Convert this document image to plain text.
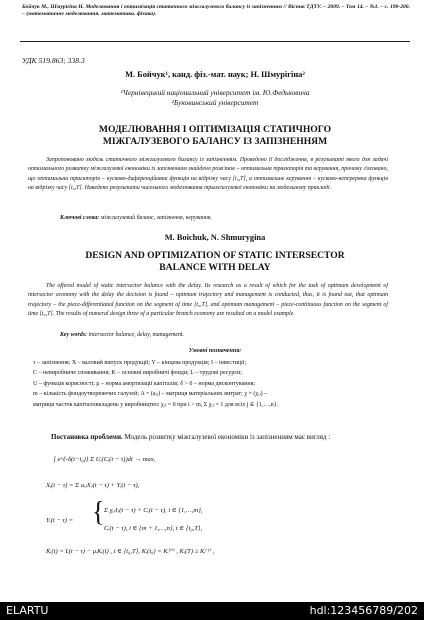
Бойчук М., Шмурiгiна Н. Моделювання i оптимiзацiя статичного мiжгалузевого балансу iз запiзненням // Вiсник ТДТУ. – 2009. – Том 14. – №1. – с. 190-200. – (математичне моделювання. математика. фiзика).
УДК 519.863; 338.3
М. Бойчук¹, канд. фiз.-мат. наук; Н. Шмурiгiна²
¹Чернiвецький нацiональний унiверситет iм. Ю.Федьковича
²Буковинський унiверситет
МОДЕЛЮВАННЯ І ОПТИМІЗАЦІЯ СТАТИЧНОГО
МІЖГАЛУЗЕВОГО БАЛАНСУ ІЗ ЗАПІЗНЕННЯМ
Запропоновано модель статичного мiжгалузевого балансу iз запiзненням. Проведено її дослiдження, в результатi якого для задачi оптимального розвитку мiжгалузевої економiки iз запiзненням знайдено розв'язок – оптимальна траєкторiя та керування, причому з'ясовано, що оптимальна траєкторiя – кусково-диференцiйовна функцiя на вiдрiзку часу [t₀,T], а оптимальне керування – кусково-неперервна функцiя на вiдрiзку часу [t₀,T]. Наведено результати чисельного моделювання трьохгалузевої економiки на модельному прикладi.
Ключовi слова: мiжгалузевий баланс, запiзнення, керування.
M. Boichuk, N. Shmurygina
DESIGN AND OPTIMIZATION OF STATIC INTERSECTOR
BALANCE WITH DELAY
The offered model of static intersector balance with the delay. Its research as a result of which for the task of optimum development of intersector economy with the delay the decision is found – optimum trajectory and management is conducted, thus, it is found out, that optimum trajectory – the piece-differentiated function on the segment of time [t₀,T], and optimum management – piece-continuous function on the segment of time [t₀,T]. The results of numeral design three of a particular branch economy are resulted on a model example.
Key words: intersector balance, delay, management.
Умовнi позначення:
τ – запiзнення; X – валовий випуск продукцiї; Y – кiнцева продукцiя; I – iнвестицiї;
C – невиробниче споживання; K – основнi виробничi фонди; L – трудовi ресурси;
U – функцiя корисностi; μ – норма амортизацiї капiталiв; δ > 0 – норма дисконтування;
m – кiлькiсть фондоутворюючих галузей; A = (aᵢⱼ) – матриця матерiальних витрат; χ = (χᵢⱼ) –
матриця часток капiталовкладень у виробництво: χᵢⱼ = 0 при i > m, Σ χᵢⱼ = 1 для всiх j ∈ {1,…,n}.
Постановка проблеми. Модель розвитку мiжгалузевої економiки iз запiзненням має вигляд :
∫ e^{-δ(t−t₀)} Σ Uᵢ(Cᵢ(t − τ))dt → max,
Xᵢ(t − τ) = Σ aᵢⱼXⱼ(t − τ) + Yᵢ(t − τ),
Yᵢ(t − τ) = { Σ χᵢⱼIⱼ(t − τ) + Cᵢ(t − τ), i ∈ {1,…,m},
Cᵢ(t − τ), i ∈ {m + 1,…,n}, t ∈ [t₀,T],
K̇ᵢ(t) = Iᵢ(t − τ) − μᵢKᵢ(t) , t ∈ [t₀,T], Kᵢ(t₀) = Kᵢ⁽⁰⁾ , Kᵢ(T) ≥ Kᵢ⁽ᵀ⁾ ,
ELARTU	hdl:123456789/202
